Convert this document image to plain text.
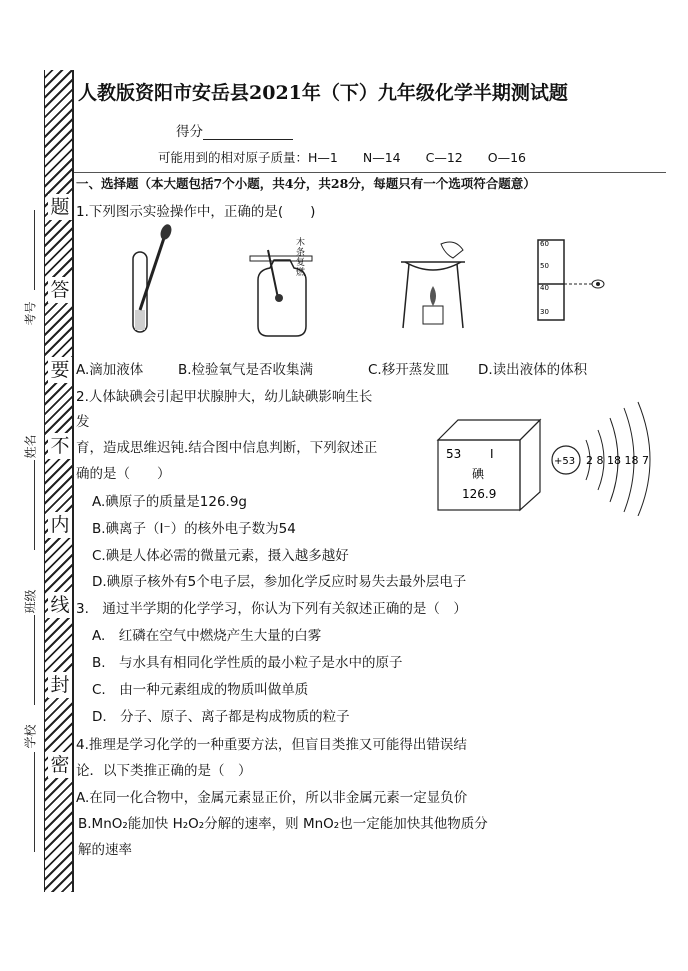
题
答
要
不
内
线
封
密
考号
姓名
班级
学校
人教版资阳市安岳县2021年（下）九年级化学半期测试题
得分
可能用到的相对原子质量：H—1　　N—14　　C—12　　O—16
一、选择题（本大题包括7个小题，共4分，共28分，每题只有一个选项符合题意）
1.下列图示实验操作中，正确的是(　　)
木
条
复
燃
60
50
40
30
A.滴加液体	B.检验氧气是否收集满	C.移开蒸发皿 D.读出液体的体积
2.人体缺碘会引起甲状腺肿大，幼儿缺碘影响生长
发
育，造成思维迟钝.结合图中信息判断，下列叙述正
确的是（　　）
53 I
碘
126.9
+53 2 8 18 18 7
A.碘原子的质量是126.9g
B.碘离子（I⁻）的核外电子数为54
C.碘是人体必需的微量元素，摄入越多越好
D.碘原子核外有5个电子层，参加化学反应时易失去最外层电子
3.　通过半学期的化学学习，你认为下列有关叙述正确的是（　）
A.　红磷在空气中燃烧产生大量的白雾
B.　与水具有相同化学性质的最小粒子是水中的原子
C.　由一种元素组成的物质叫做单质
D.　分子、原子、离子都是构成物质的粒子
4.推理是学习化学的一种重要方法，但盲目类推又可能得出错误结
论．以下类推正确的是（　）
A.在同一化合物中，金属元素显正价，所以非金属元素一定显负价
B.MnO₂能加快 H₂O₂分解的速率，则 MnO₂也一定能加快其他物质分
解的速率
